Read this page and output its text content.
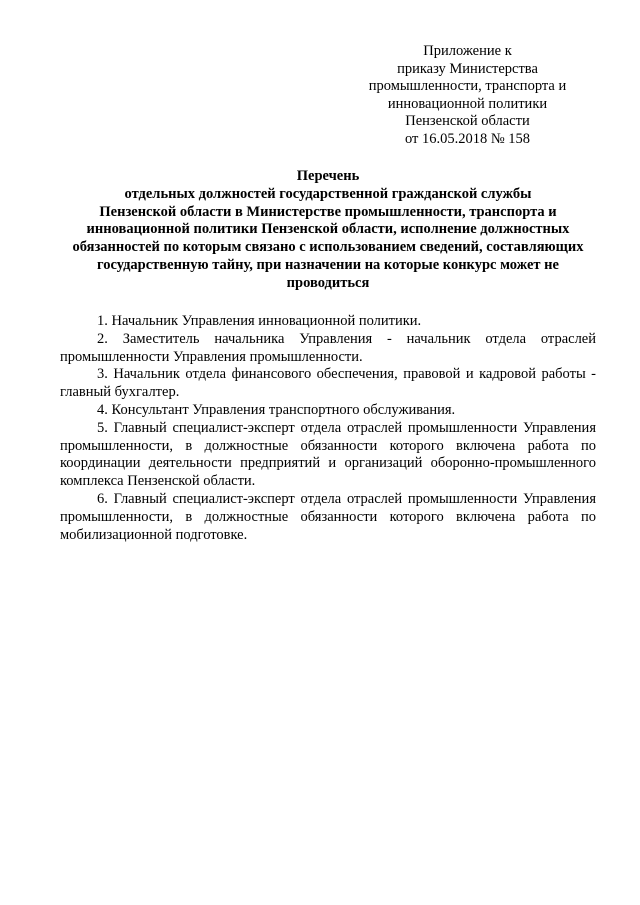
Приложение к
приказу Министерства
промышленности, транспорта и
инновационной политики
Пензенской области
от 16.05.2018 № 158
Перечень
отдельных должностей государственной гражданской службы
Пензенской области в Министерстве промышленности, транспорта и
инновационной политики Пензенской области, исполнение должностных
обязанностей по которым связано с использованием сведений, составляющих
государственную тайну, при назначении на которые конкурс может не
проводиться

1. Начальник Управления инновационной политики.

2. Заместитель начальника Управления - начальник отдела отраслей промышленности Управления промышленности.

3. Начальник отдела финансового обеспечения, правовой и кадровой работы - главный бухгалтер.

4. Консультант Управления транспортного обслуживания.

5. Главный специалист-эксперт отдела отраслей промышленности Управления промышленности, в должностные обязанности которого включена работа по координации деятельности предприятий и организаций оборонно-промышленного комплекса Пензенской области.

6. Главный специалист-эксперт отдела отраслей промышленности Управления промышленности, в должностные обязанности которого включена работа по мобилизационной подготовке.
